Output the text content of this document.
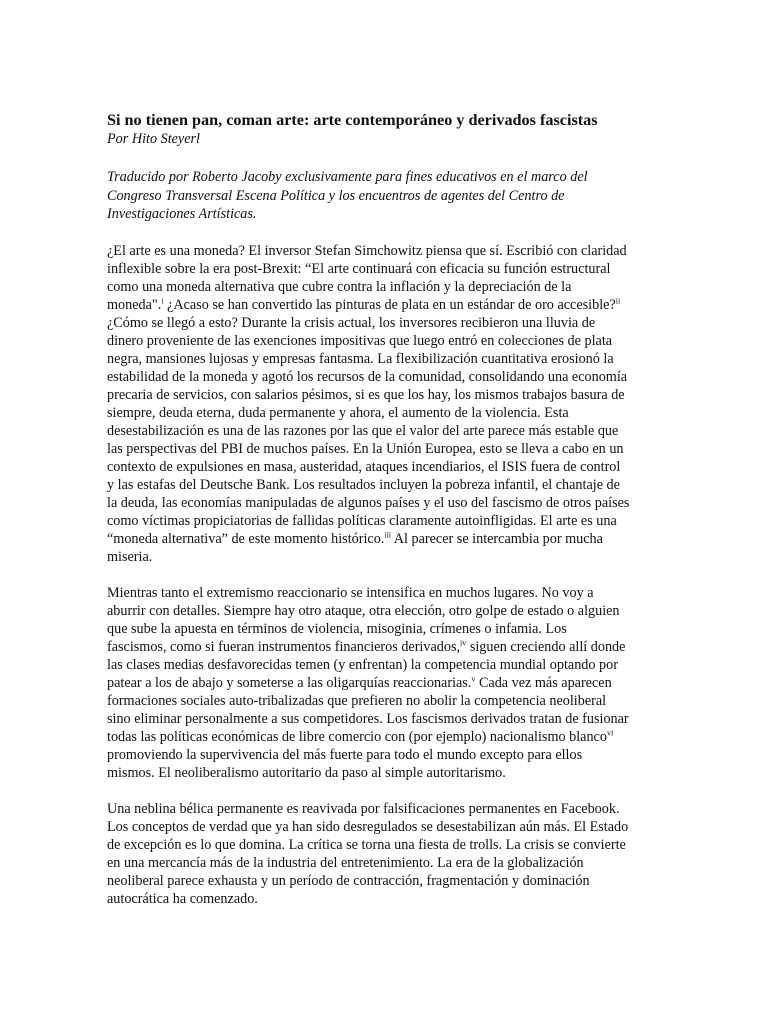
Si no tienen pan, coman arte: arte contemporáneo y derivados fascistas

Por Hito Steyerl

Traducido por Roberto Jacoby exclusivamente para fines educativos en el marco del
Congreso Transversal Escena Política y los encuentros de agentes del Centro de
Investigaciones Artísticas.

¿El arte es una moneda? El inversor Stefan Simchowitz piensa que sí. Escribió con claridad
inflexible sobre la era post-Brexit: “El arte continuará con eficacia su función estructural
como una moneda alternativa que cubre contra la inflación y la depreciación de la
moneda".$^i$ ¿Acaso se han convertido las pinturas de plata en un estándar de oro accesible?$^{ii}$
¿Cómo se llegó a esto? Durante la crisis actual, los inversores recibieron una lluvia de
dinero proveniente de las exenciones impositivas que luego entró en colecciones de plata
negra, mansiones lujosas y empresas fantasma. La flexibilización cuantitativa erosionó la
estabilidad de la moneda y agotó los recursos de la comunidad, consolidando una economía
precaria de servicios, con salarios pésimos, si es que los hay, los mismos trabajos basura de
siempre, deuda eterna, duda permanente y ahora, el aumento de la violencia. Esta
desestabilización es una de las razones por las que el valor del arte parece más estable que
las perspectivas del PBI de muchos países. En la Unión Europea, esto se lleva a cabo en un
contexto de expulsiones en masa, austeridad, ataques incendiarios, el ISIS fuera de control
y las estafas del Deutsche Bank. Los resultados incluyen la pobreza infantil, el chantaje de
la deuda, las economías manipuladas de algunos países y el uso del fascismo de otros países
como víctimas propiciatorias de fallidas políticas claramente autoinfligidas. El arte es una
“moneda alternativa” de este momento histórico.$^{iii}$ Al parecer se intercambia por mucha
miseria.

Mientras tanto el extremismo reaccionario se intensifica en muchos lugares. No voy a
aburrir con detalles. Siempre hay otro ataque, otra elección, otro golpe de estado o alguien
que sube la apuesta en términos de violencia, misoginia, crímenes o infamia. Los
fascismos, como si fueran instrumentos financieros derivados,$^{iv}$ siguen creciendo allí donde
las clases medias desfavorecidas temen (y enfrentan) la competencia mundial optando por
patear a los de abajo y someterse a las oligarquías reaccionarias.$^v$ Cada vez más aparecen
formaciones sociales auto-tribalizadas que prefieren no abolir la competencia neoliberal
sino eliminar personalmente a sus competidores. Los fascismos derivados tratan de fusionar
todas las políticas económicas de libre comercio con (por ejemplo) nacionalismo blanco$^{vi}$
promoviendo la supervivencia del más fuerte para todo el mundo excepto para ellos
mismos. El neoliberalismo autoritario da paso al simple autoritarismo.

Una neblina bélica permanente es reavivada por falsificaciones permanentes en Facebook.
Los conceptos de verdad que ya han sido desregulados se desestabilizan aún más. El Estado
de excepción es lo que domina. La crítica se torna una fiesta de trolls. La crisis se convierte
en una mercancía más de la industria del entretenimiento. La era de la globalización
neoliberal parece exhausta y un período de contracción, fragmentación y dominación
autocrática ha comenzado.
